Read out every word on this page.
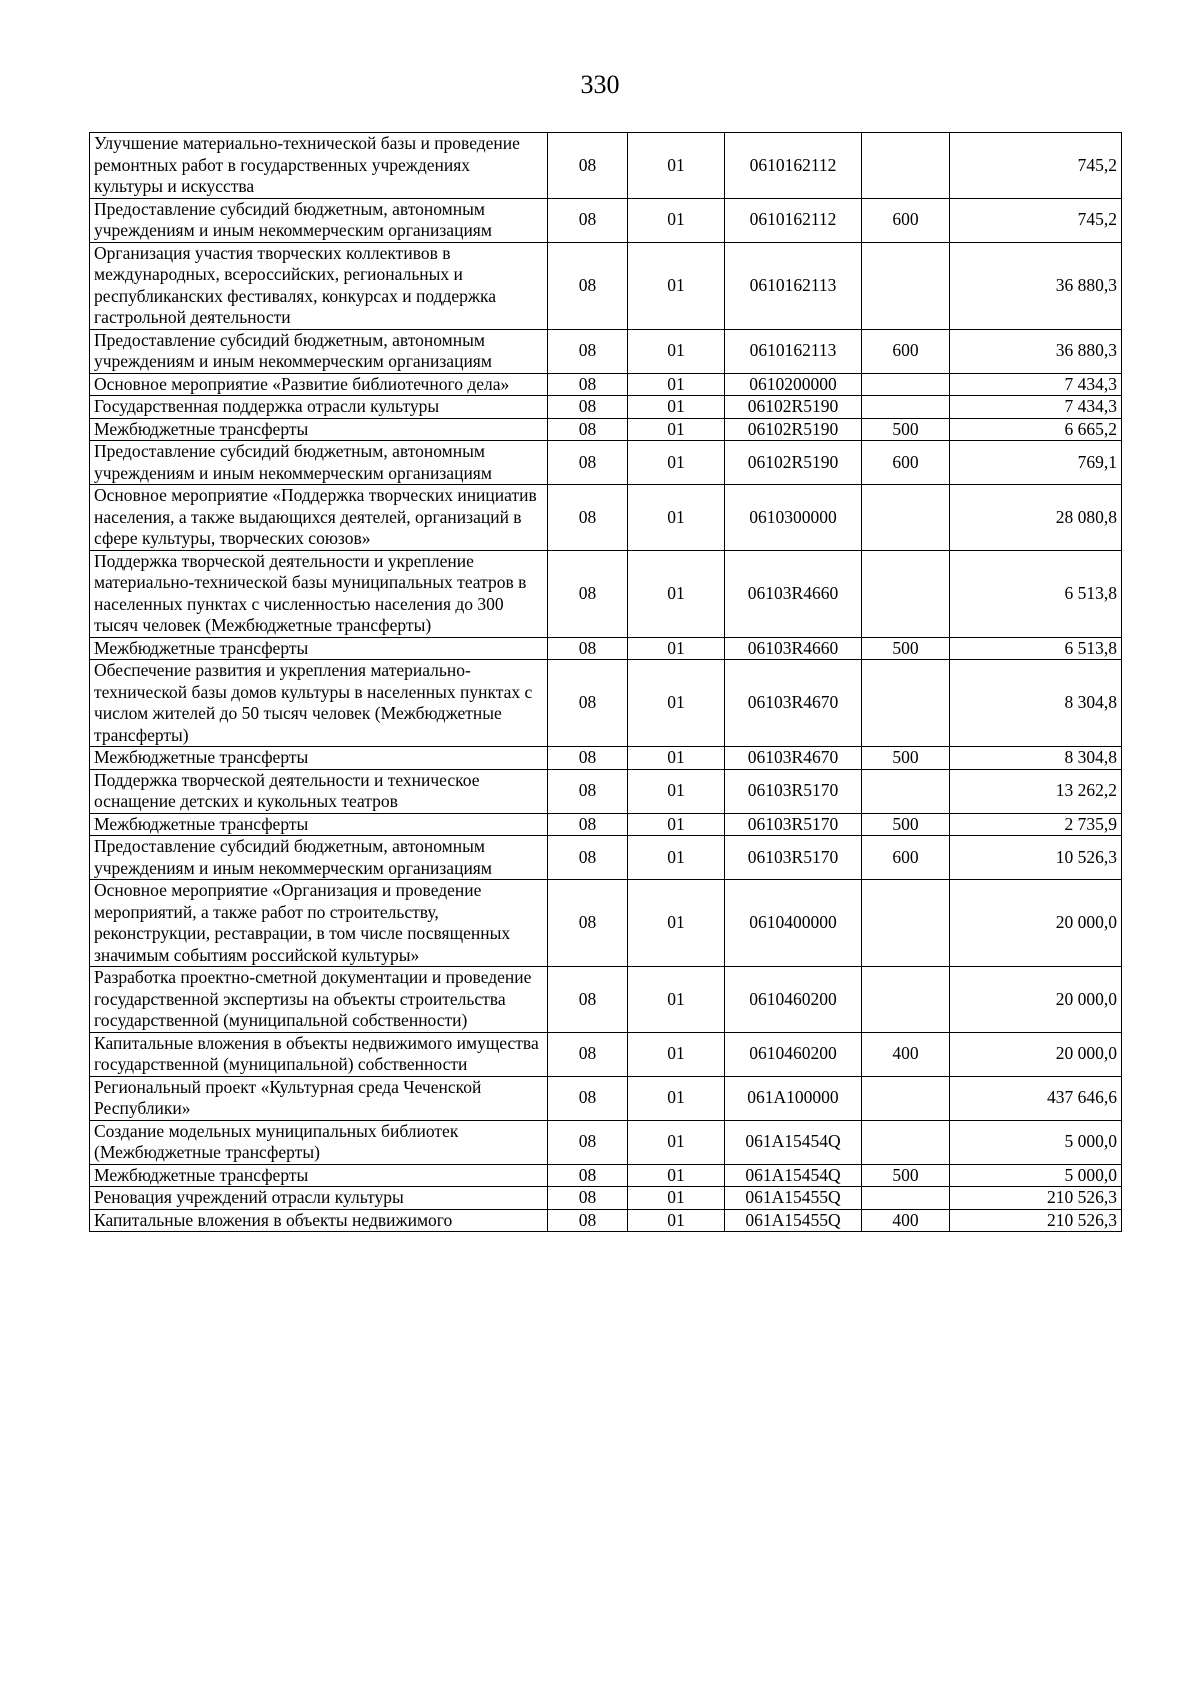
330
Улучшение материально-технической базы и проведение ремонтных работ в государственных учреждениях культуры и искусства	08	01	0610162112		745,2
Предоставление субсидий бюджетным, автономным учреждениям и иным некоммерческим организациям	08	01	0610162112	600	745,2
Организация участия творческих коллективов в международных, всероссийских, региональных и республиканских фестивалях, конкурсах и поддержка гастрольной деятельности	08	01	0610162113		36 880,3
Предоставление субсидий бюджетным, автономным учреждениям и иным некоммерческим организациям	08	01	0610162113	600	36 880,3
Основное мероприятие «Развитие библиотечного дела»	08	01	0610200000		7 434,3
Государственная поддержка отрасли культуры	08	01	06102R5190		7 434,3
Межбюджетные трансферты	08	01	06102R5190	500	6 665,2
Предоставление субсидий бюджетным, автономным учреждениям и иным некоммерческим организациям	08	01	06102R5190	600	769,1
Основное мероприятие «Поддержка творческих инициатив населения, а также выдающихся деятелей, организаций в сфере культуры, творческих союзов»	08	01	0610300000		28 080,8
Поддержка творческой деятельности и укрепление материально-технической базы муниципальных театров в населенных пунктах с численностью населения до 300 тысяч человек (Межбюджетные трансферты)	08	01	06103R4660		6 513,8
Межбюджетные трансферты	08	01	06103R4660	500	6 513,8
Обеспечение развития и укрепления материально-технической базы домов культуры в населенных пунктах с числом жителей до 50 тысяч человек (Межбюджетные трансферты)	08	01	06103R4670		8 304,8
Межбюджетные трансферты	08	01	06103R4670	500	8 304,8
Поддержка творческой деятельности и техническое оснащение детских и кукольных театров	08	01	06103R5170		13 262,2
Межбюджетные трансферты	08	01	06103R5170	500	2 735,9
Предоставление субсидий бюджетным, автономным учреждениям и иным некоммерческим организациям	08	01	06103R5170	600	10 526,3
Основное мероприятие «Организация и проведение мероприятий, а также работ по строительству, реконструкции, реставрации, в том числе посвященных значимым событиям российской культуры»	08	01	0610400000		20 000,0
Разработка проектно-сметной документации и проведение государственной экспертизы на объекты строительства государственной (муниципальной собственности)	08	01	0610460200		20 000,0
Капитальные вложения в объекты недвижимого имущества государственной (муниципальной) собственности	08	01	0610460200	400	20 000,0
Региональный проект «Культурная среда Чеченской Республики»	08	01	061A100000		437 646,6
Создание модельных муниципальных библиотек (Межбюджетные трансферты)	08	01	061A15454Q		5 000,0
Межбюджетные трансферты	08	01	061A15454Q	500	5 000,0
Реновация учреждений отрасли культуры	08	01	061A15455Q		210 526,3
Капитальные вложения в объекты недвижимого	08	01	061A15455Q	400	210 526,3
